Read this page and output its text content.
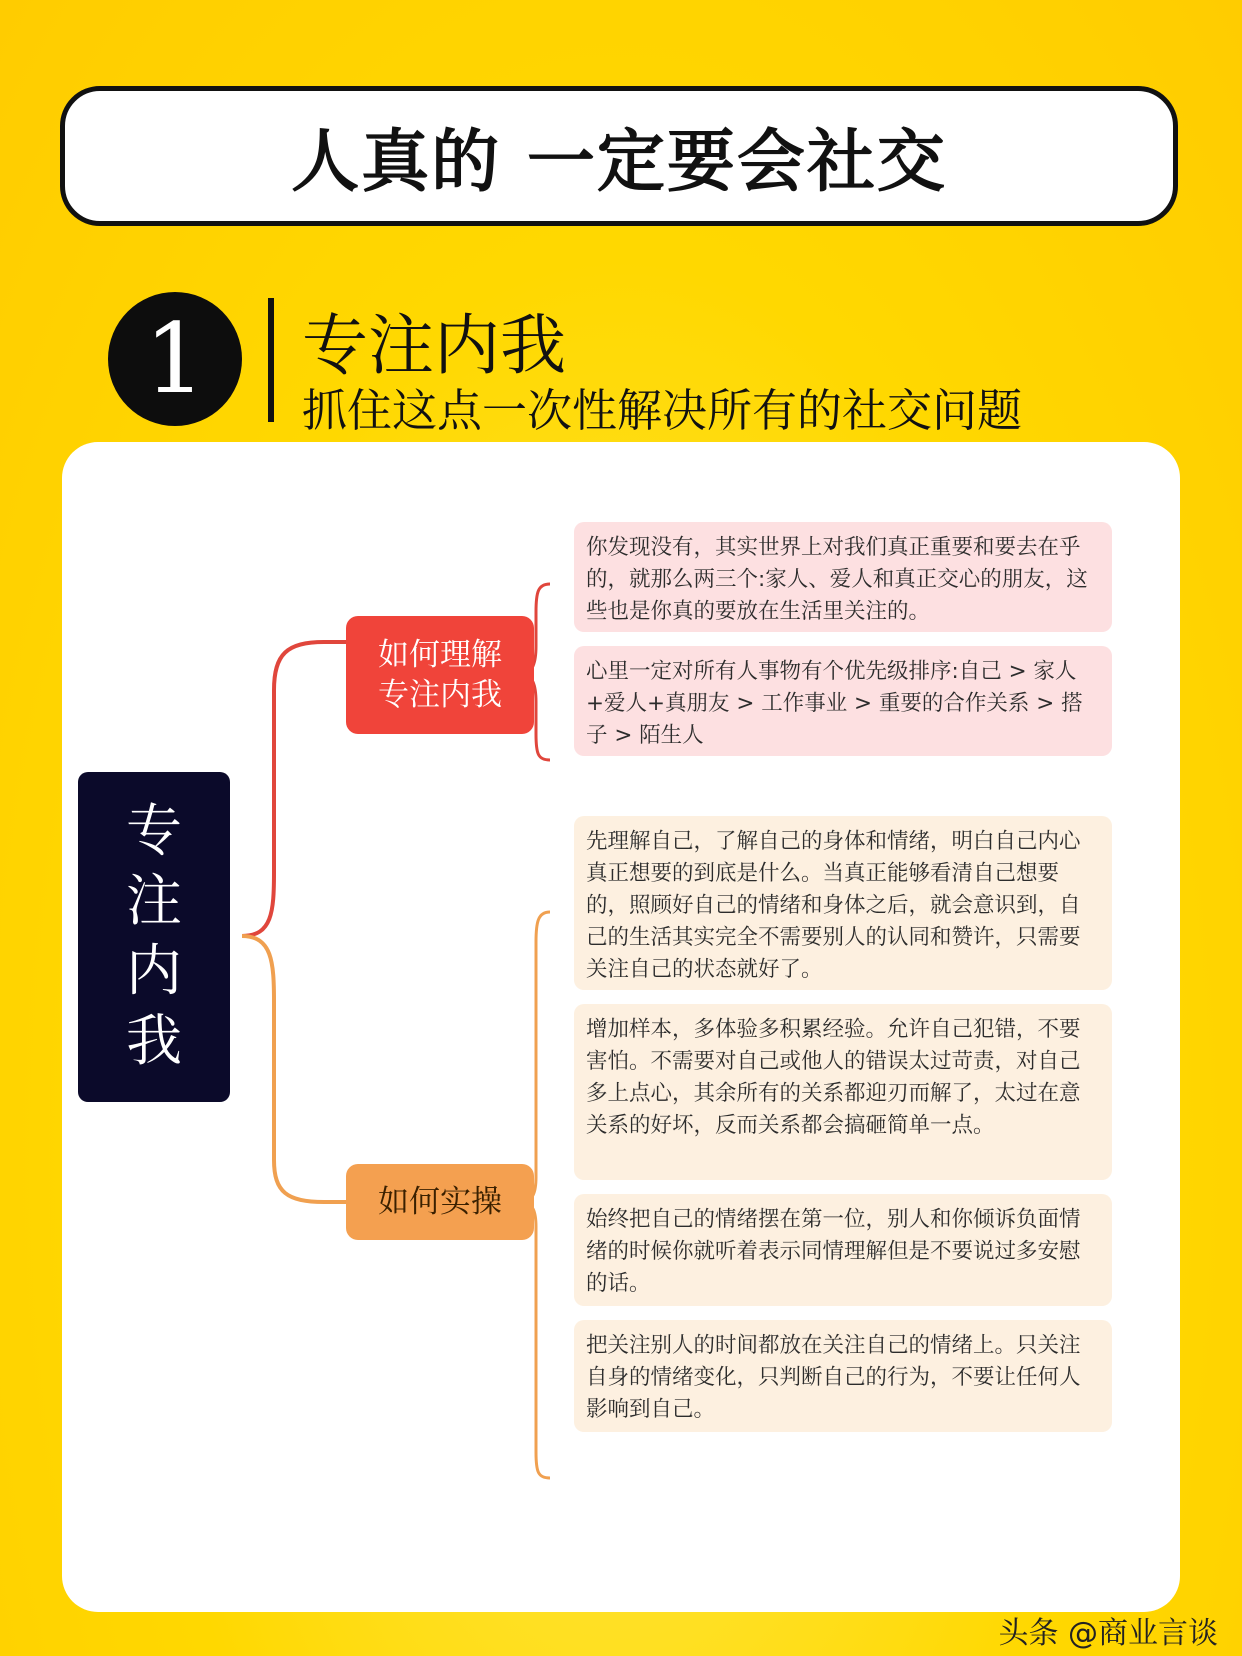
人真的 一定要会社交
1 专注内我
抓住这点一次性解决所有的社交问题
专注内我
如何理解
专注内我
如何实操
你发现没有，其实世界上对我们真正重要和要去在乎的，就那么两三个:家人、爱人和真正交心的朋友，这些也是你真的要放在生活里关注的。
心里一定对所有人事物有个优先级排序:自己 > 家人+爱人+真朋友 > 工作事业 > 重要的合作关系 > 搭子 > 陌生人
先理解自己，了解自己的身体和情绪，明白自己内心真正想要的到底是什么。当真正能够看清自己想要的，照顾好自己的情绪和身体之后，就会意识到，自己的生活其实完全不需要别人的认同和赞许，只需要关注自己的状态就好了。
增加样本，多体验多积累经验。允许自己犯错，不要害怕。不需要对自己或他人的错误太过苛责，对自己多上点心，其余所有的关系都迎刃而解了，太过在意关系的好坏，反而关系都会搞砸简单一点。
始终把自己的情绪摆在第一位，别人和你倾诉负面情绪的时候你就听着表示同情理解但是不要说过多安慰的话。
把关注别人的时间都放在关注自己的情绪上。只关注自身的情绪变化，只判断自己的行为，不要让任何人影响到自己。
头条 @商业言谈
